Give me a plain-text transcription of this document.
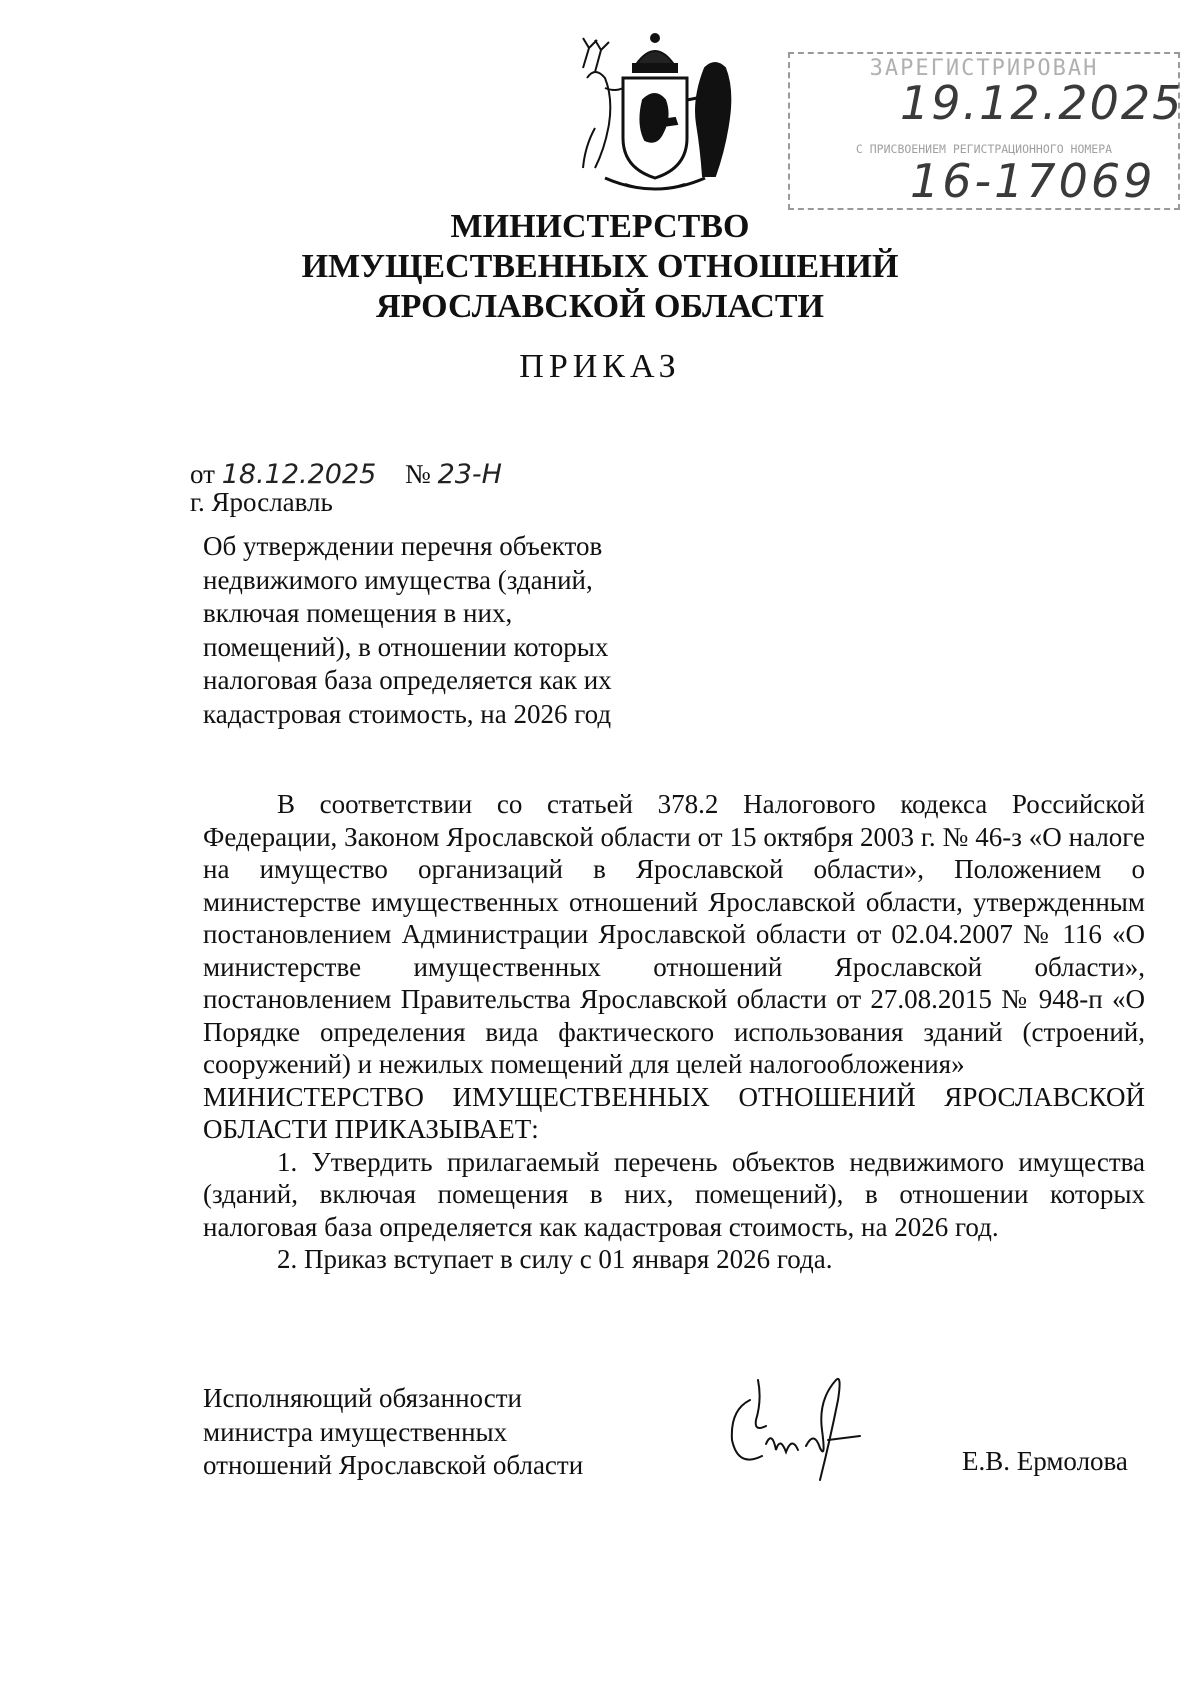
ЗАРЕГИСТРИРОВАН
19.12.2025
С ПРИСВОЕНИЕМ РЕГИСТРАЦИОННОГО НОМЕРА
16-17069
МИНИСТЕРСТВО
ИМУЩЕСТВЕННЫХ ОТНОШЕНИЙ
ЯРОСЛАВСКОЙ ОБЛАСТИ
ПРИКАЗ
от 18.12.2025 № 23-Н
г. Ярославль
Об утверждении перечня объектов
недвижимого имущества (зданий,
включая помещения в них,
помещений), в отношении которых
налоговая база определяется как их
кадастровая стоимость, на 2026 год

В соответствии со статьей 378.2 Налогового кодекса Российской Федерации, Законом Ярославской области от 15 октября 2003 г. № 46-з «О налоге на имущество организаций в Ярославской области», Положением о министерстве имущественных отношений Ярославской области, утвержденным постановлением Администрации Ярославской области от 02.04.2007 № 116 «О министерстве имущественных отношений Ярославской области», постановлением Правительства Ярославской области от 27.08.2015 № 948-п «О Порядке определения вида фактического использования зданий (строений, сооружений) и нежилых помещений для целей налогообложения»

МИНИСТЕРСТВО ИМУЩЕСТВЕННЫХ ОТНОШЕНИЙ ЯРОСЛАВСКОЙ ОБЛАСТИ ПРИКАЗЫВАЕТ:

1. Утвердить прилагаемый перечень объектов недвижимого имущества (зданий, включая помещения в них, помещений), в отношении которых налоговая база определяется как кадастровая стоимость, на 2026 год.

2. Приказ вступает в силу с 01 января 2026 года.

Исполняющий обязанности
министра имущественных
отношений Ярославской области	Е.В. Ермолова
